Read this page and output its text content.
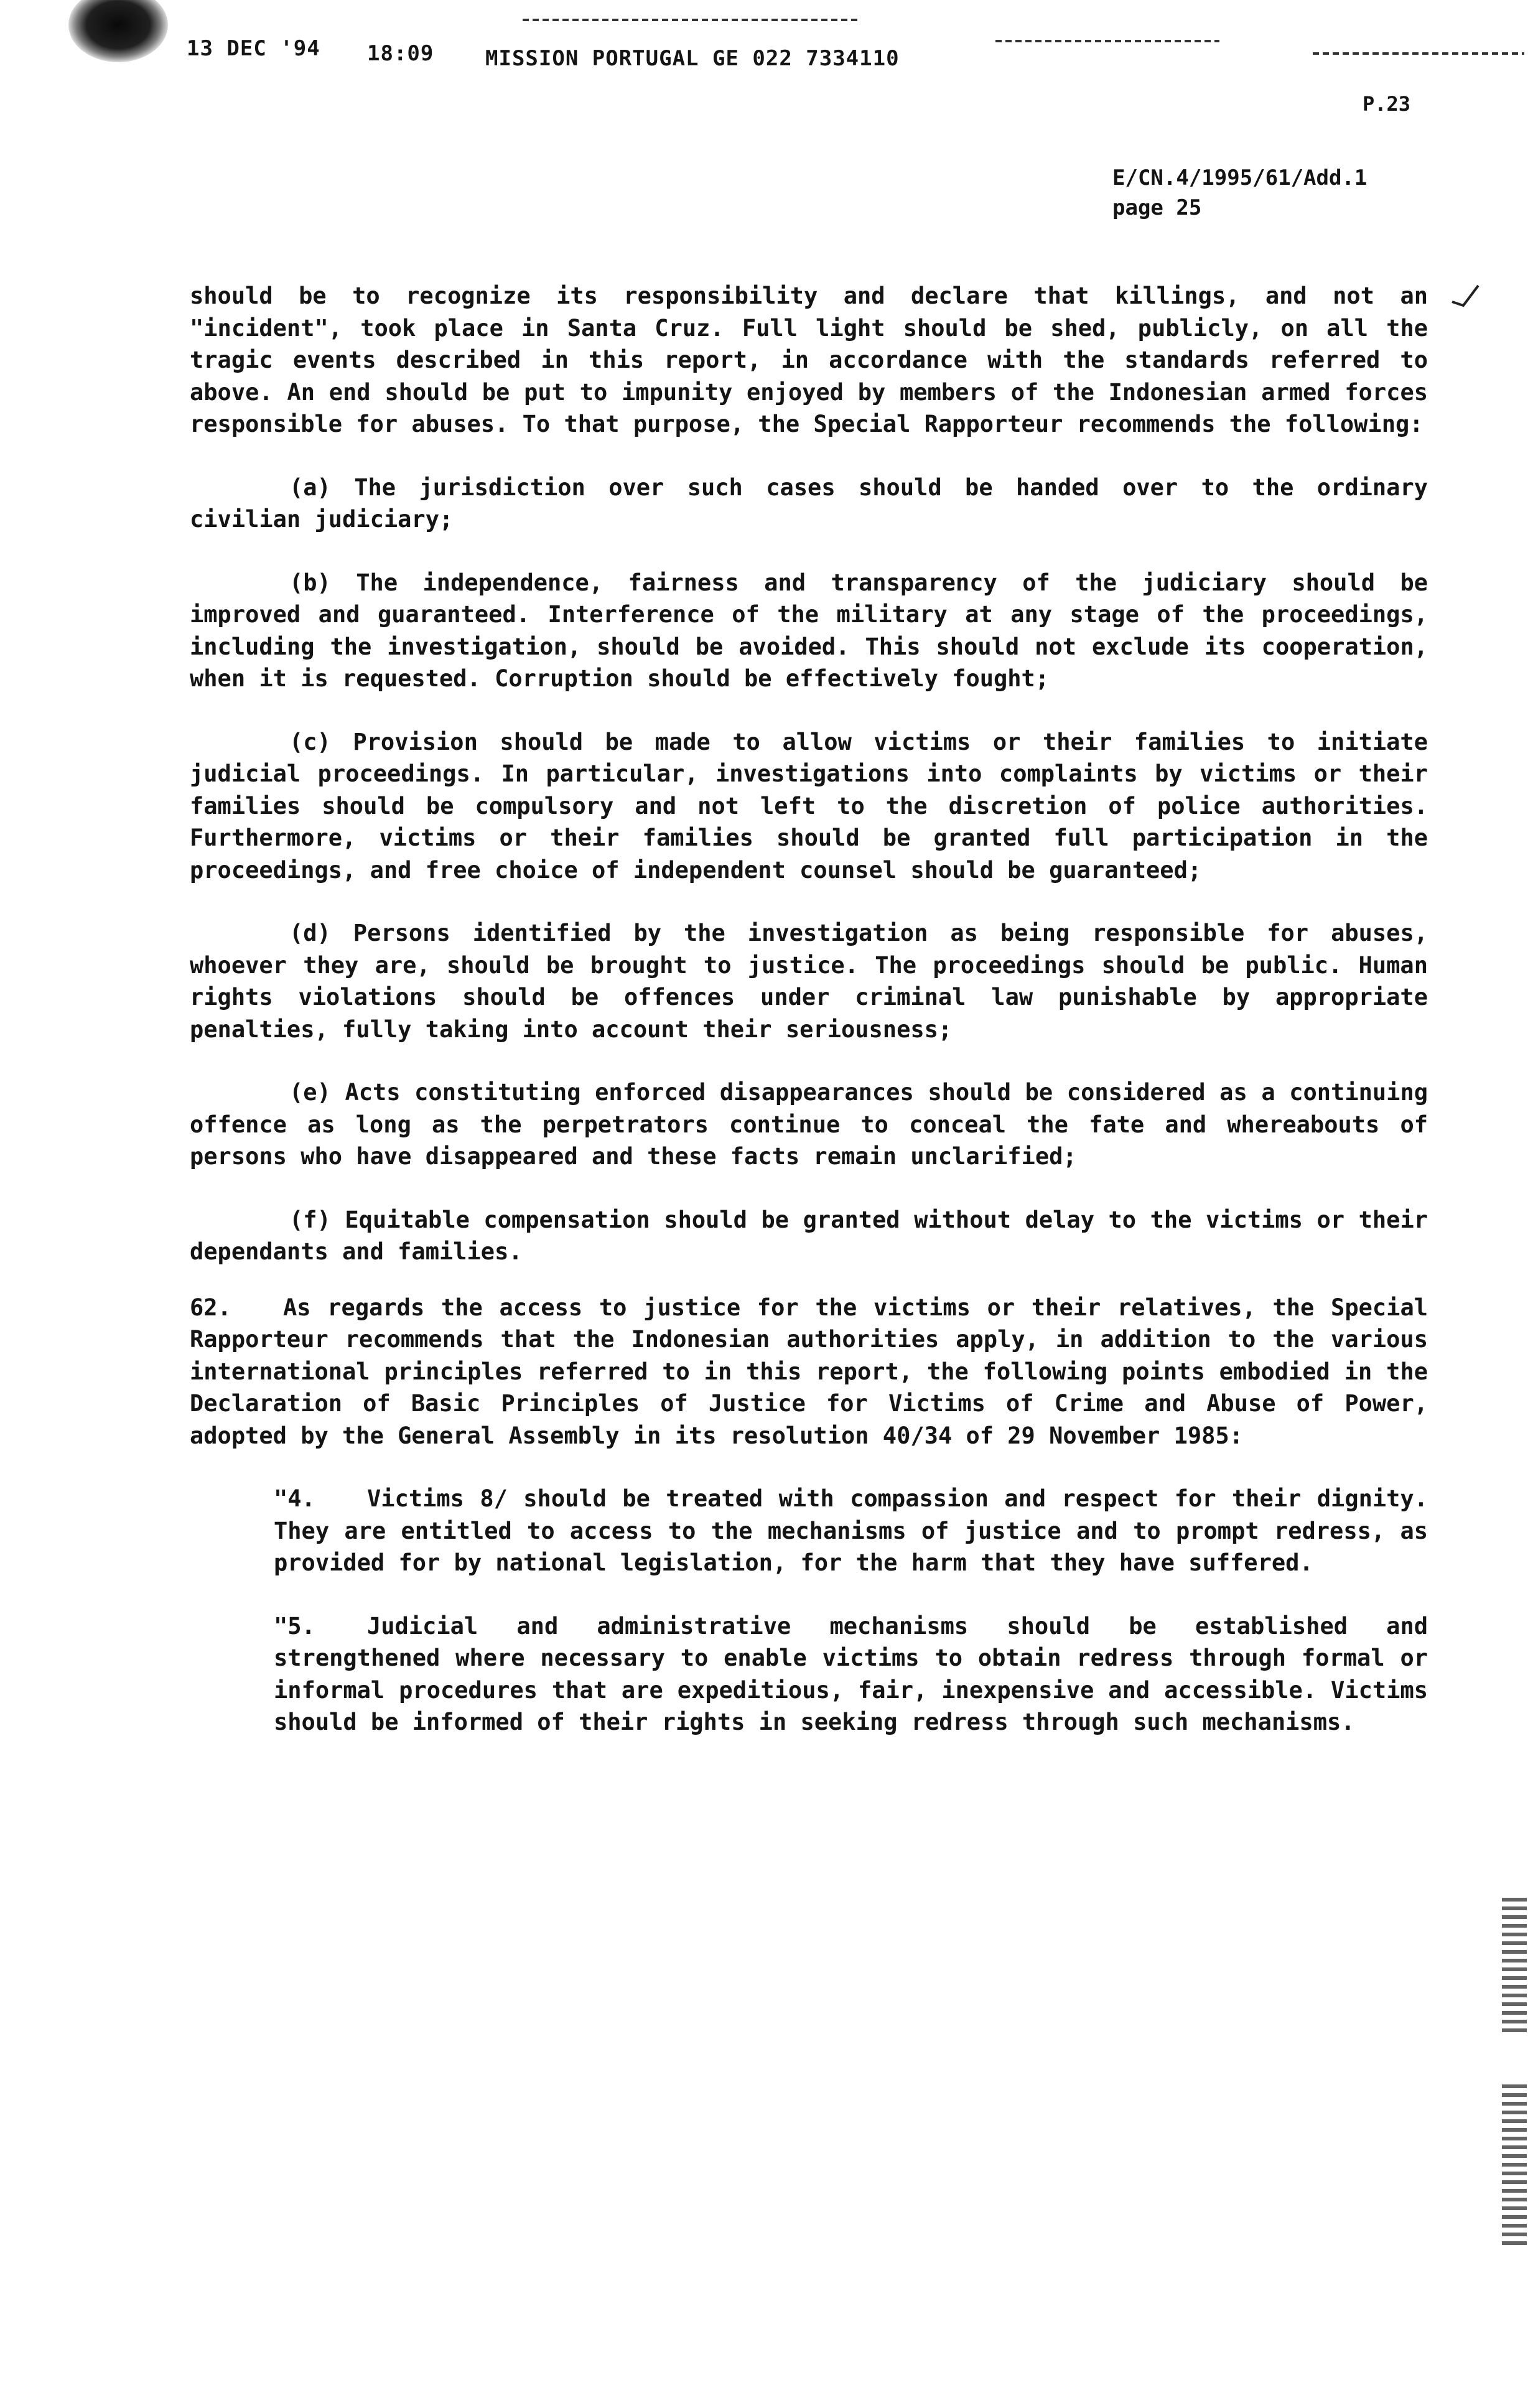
13 DEC '94

18:09

MISSION PORTUGAL GE 022 7334110

P.23
E/CN.4/1995/61/Add.1
page 25

should be to recognize its responsibility and declare that killings, and not an "incident", took place in Santa Cruz. Full light should be shed, publicly, on all the tragic events described in this report, in accordance with the standards referred to above. An end should be put to impunity enjoyed by members of the Indonesian armed forces responsible for abuses. To that purpose, the Special Rapporteur recommends the following:

(a) The jurisdiction over such cases should be handed over to the ordinary civilian judiciary;

(b) The independence, fairness and transparency of the judiciary should be improved and guaranteed. Interference of the military at any stage of the proceedings, including the investigation, should be avoided. This should not exclude its cooperation, when it is requested. Corruption should be effectively fought;

(c) Provision should be made to allow victims or their families to initiate judicial proceedings. In particular, investigations into complaints by victims or their families should be compulsory and not left to the discretion of police authorities. Furthermore, victims or their families should be granted full participation in the proceedings, and free choice of independent counsel should be guaranteed;

(d) Persons identified by the investigation as being responsible for abuses, whoever they are, should be brought to justice. The proceedings should be public. Human rights violations should be offences under criminal law punishable by appropriate penalties, fully taking into account their seriousness;

(e) Acts constituting enforced disappearances should be considered as a continuing offence as long as the perpetrators continue to conceal the fate and whereabouts of persons who have disappeared and these facts remain unclarified;

(f) Equitable compensation should be granted without delay to the victims or their dependants and families.

62. As regards the access to justice for the victims or their relatives, the Special Rapporteur recommends that the Indonesian authorities apply, in addition to the various international principles referred to in this report, the following points embodied in the Declaration of Basic Principles of Justice for Victims of Crime and Abuse of Power, adopted by the General Assembly in its resolution 40/34 of 29 November 1985:

"4. Victims 8/ should be treated with compassion and respect for their dignity. They are entitled to access to the mechanisms of justice and to prompt redress, as provided for by national legislation, for the harm that they have suffered.

"5. Judicial and administrative mechanisms should be established and strengthened where necessary to enable victims to obtain redress through formal or informal procedures that are expeditious, fair, inexpensive and accessible. Victims should be informed of their rights in seeking redress through such mechanisms.
